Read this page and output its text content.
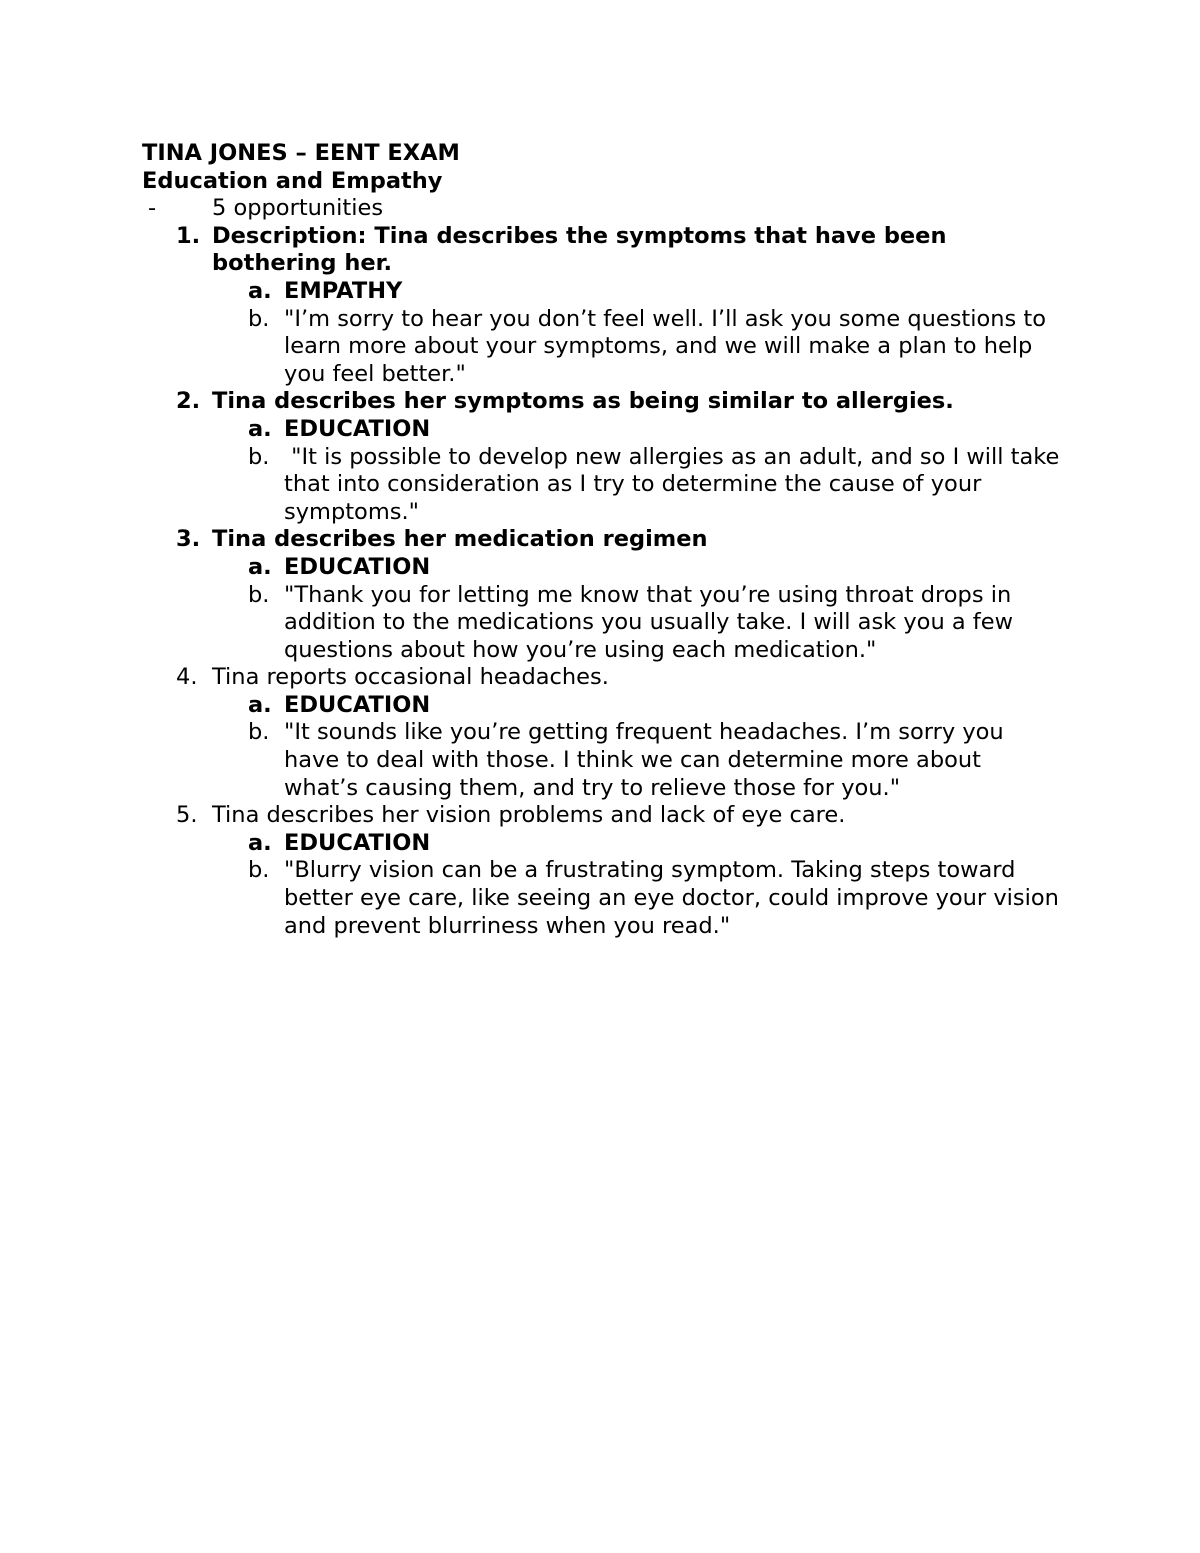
TINA JONES – EENT EXAM
Education and Empathy
- 5 opportunities
1. Description: Tina describes the symptoms that have been bothering her.
a. EMPATHY
b. "I’m sorry to hear you don’t feel well. I’ll ask you some questions to learn more about your symptoms, and we will make a plan to help you feel better."
2. Tina describes her symptoms as being similar to allergies.
a. EDUCATION
b. "It is possible to develop new allergies as an adult, and so I will take that into consideration as I try to determine the cause of your symptoms."
3. Tina describes her medication regimen
a. EDUCATION
b. "Thank you for letting me know that you’re using throat drops in addition to the medications you usually take. I will ask you a few questions about how you’re using each medication."
4. Tina reports occasional headaches.
a. EDUCATION
b. "It sounds like you’re getting frequent headaches. I’m sorry you have to deal with those. I think we can determine more about what’s causing them, and try to relieve those for you."
5. Tina describes her vision problems and lack of eye care.
a. EDUCATION
b. "Blurry vision can be a frustrating symptom. Taking steps toward better eye care, like seeing an eye doctor, could improve your vision and prevent blurriness when you read."
